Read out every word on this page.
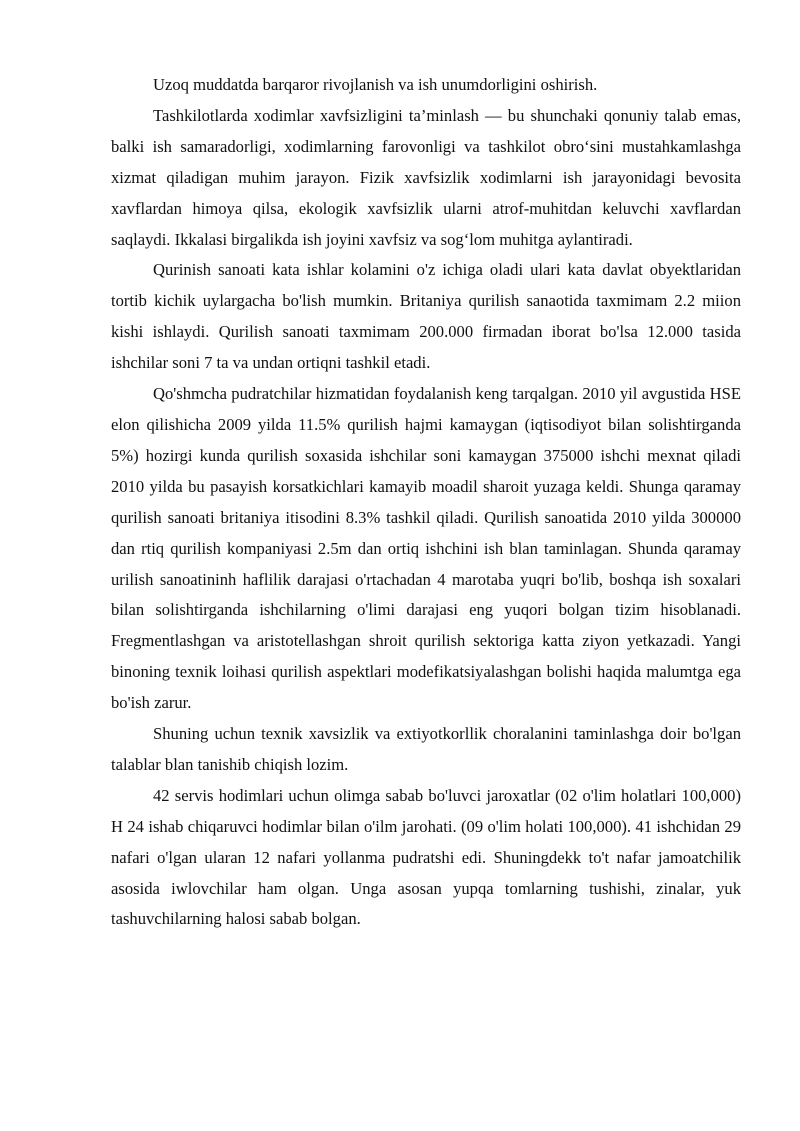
Uzoq muddatda barqaror rivojlanish va ish unumdorligini oshirish.

Tashkilotlarda xodimlar xavfsizligini ta’minlash — bu shunchaki qonuniy talab emas, balki ish samaradorligi, xodimlarning farovonligi va tashkilot obro‘sini mustahkamlashga xizmat qiladigan muhim jarayon. Fizik xavfsizlik xodimlarni ish jarayonidagi bevosita xavflardan himoya qilsa, ekologik xavfsizlik ularni atrof-muhitdan keluvchi xavflardan saqlaydi. Ikkalasi birgalikda ish joyini xavfsiz va sog‘lom muhitga aylantiradi.

Qurinish sanoati kata ishlar kolamini o'z ichiga oladi ulari kata davlat obyektlaridan tortib kichik uylargacha bo'lish mumkin. Britaniya qurilish sanaotida taxmimam 2.2 miion kishi ishlaydi. Qurilish sanoati taxmimam 200.000 firmadan iborat bo'lsa 12.000 tasida ishchilar soni 7 ta va undan ortiqni tashkil etadi.

Qo'shmcha pudratchilar hizmatidan foydalanish keng tarqalgan. 2010 yil avgustida HSE elon qilishicha 2009 yilda 11.5% qurilish hajmi kamaygan (iqtisodiyot bilan solishtirganda 5%) hozirgi kunda qurilish soxasida ishchilar soni kamaygan 375000 ishchi mexnat qiladi 2010 yilda bu pasayish korsatkichlari kamayib moadil sharoit yuzaga keldi. Shunga qaramay qurilish sanoati britaniya itisodini 8.3% tashkil qiladi. Qurilish sanoatida 2010 yilda 300000 dan rtiq qurilish kompaniyasi 2.5m dan ortiq ishchini ish blan taminlagan. Shunda qaramay urilish sanoatininh haflilik darajasi o'rtachadan 4 marotaba yuqri bo'lib, boshqa ish soxalari bilan solishtirganda ishchilarning o'limi darajasi eng yuqori bolgan tizim hisoblanadi. Fregmentlashgan va aristotellashgan shroit qurilish sektoriga katta ziyon yetkazadi. Yangi binoning texnik loihasi qurilish aspektlari modefikatsiyalashgan bolishi haqida malumtga ega bo'ish zarur.

Shuning uchun texnik xavsizlik va extiyotkorllik choralanini taminlashga doir bo'lgan talablar blan tanishib chiqish lozim.

42 servis hodimlari uchun olimga sabab bo'luvci jaroxatlar (02 o'lim holatlari 100,000) H 24 ishab chiqaruvci hodimlar bilan o'ilm jarohati. (09 o'lim holati 100,000). 41 ishchidan 29 nafari o'lgan ularan 12 nafari yollanma pudratshi edi. Shuningdekk to't nafar jamoatchilik asosida iwlovchilar ham olgan. Unga asosan yupqa tomlarning tushishi, zinalar, yuk tashuvchilarning halosi sabab bolgan.
